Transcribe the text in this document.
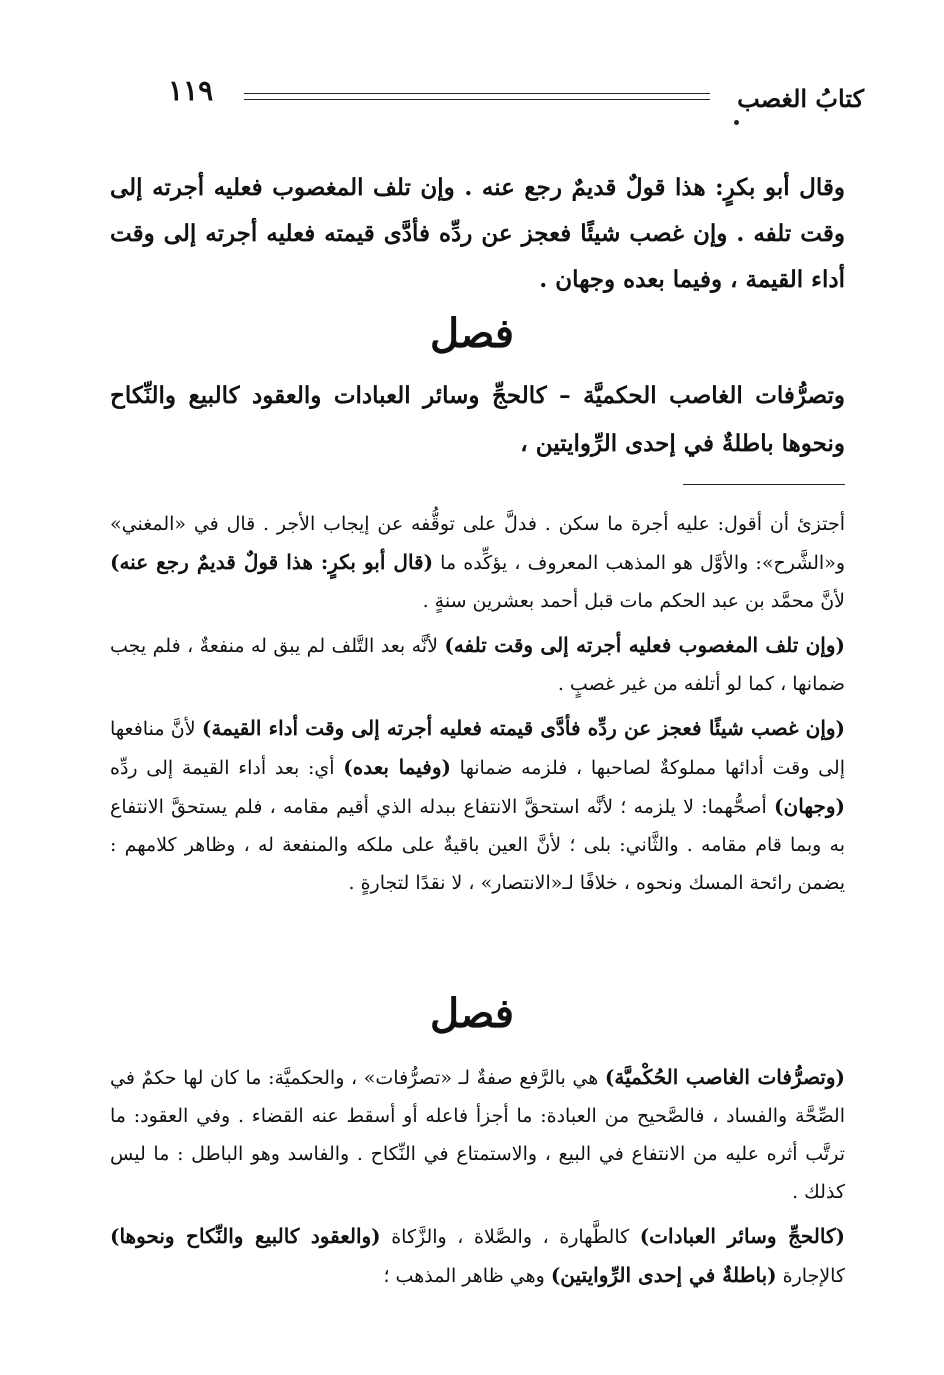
كتابُ الغصب
١١٩
وقال أبو بكرٍ: هذا قولٌ قديمٌ رجع عنه . وإن تلف المغصوب فعليه أجرته إلى وقت تلفه . وإن غصب شيئًا فعجز عن ردِّه فأدَّى قيمته فعليه أجرته إلى وقت أداء القيمة ، وفيما بعده وجهان .
فصل
وتصرُّفات الغاصب الحكميَّة – كالحجِّ وسائر العبادات والعقود كالبيع والنِّكاح ونحوها باطلةٌ في إحدى الرِّوايتين ،

أجتزئ أن أقول: عليه أجرة ما سكن . فدلَّ على توقُّفه عن إيجاب الأجر . قال في «المغني» و«الشَّرح»: والأوَّل هو المذهب المعروف ، يؤكِّده ما (قال أبو بكرٍ: هذا قولٌ قديمٌ رجع عنه) لأنَّ محمَّد بن عبد الحكم مات قبل أحمد بعشرين سنةٍ .

(وإن تلف المغصوب فعليه أجرته إلى وقت تلفه) لأنَّه بعد التَّلف لم يبق له منفعةٌ ، فلم يجب ضمانها ، كما لو أتلفه من غير غصبٍ .

(وإن غصب شيئًا فعجز عن ردِّه فأدَّى قيمته فعليه أجرته إلى وقت أداء القيمة) لأنَّ منافعها إلى وقت أدائها مملوكةٌ لصاحبها ، فلزمه ضمانها (وفيما بعده) أي: بعد أداء القيمة إلى ردِّه (وجهان) أصحُّهما: لا يلزمه ؛ لأنَّه استحقَّ الانتفاع ببدله الذي أقيم مقامه ، فلم يستحقَّ الانتفاع به وبما قام مقامه . والثَّاني: بلى ؛ لأنَّ العين باقيةٌ على ملكه والمنفعة له ، وظاهر كلامهم : يضمن رائحة المسك ونحوه ، خلافًا لـ«الانتصار» ، لا نقدًا لتجارةٍ .

فصل

(وتصرُّفات الغاصب الحُكْميَّة) هي بالرَّفع صفةٌ لـ «تصرُّفات» ، والحكميَّة: ما كان لها حكمٌ في الصِّحَّة والفساد ، فالصَّحيح من العبادة: ما أجزأ فاعله أو أسقط عنه القضاء . وفي العقود: ما ترتَّب أثره عليه من الانتفاع في البيع ، والاستمتاع في النِّكاح . والفاسد وهو الباطل : ما ليس كذلك .

(كالحجِّ وسائر العبادات) كالطَّهارة ، والصَّلاة ، والزَّكاة (والعقود كالبيع والنِّكاح ونحوها) كالإجارة (باطلةٌ في إحدى الرِّوايتين) وهي ظاهر المذهب ؛
